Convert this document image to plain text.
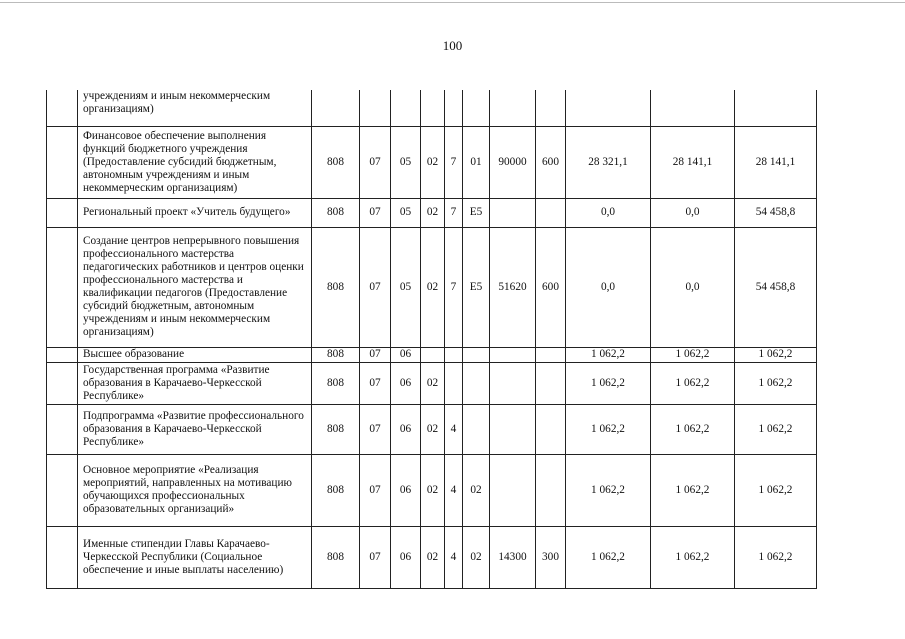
100
	учреждениям и иным некоммерческим организациям)											
	Финансовое обеспечение выполнения функций бюджетного учреждения (Предоставление субсидий бюджетным, автономным учреждениям и иным некоммерческим организациям)	808	07	05	02	7	01	90000	600	28 321,1	28 141,1	28 141,1
	Региональный проект «Учитель будущего»	808	07	05	02	7	Е5			0,0	0,0	54 458,8
	Создание центров непрерывного повышения профессионального мастерства педагогических работников и центров оценки профессионального мастерства и квалификации педагогов (Предоставление субсидий бюджетным, автономным учреждениям и иным некоммерческим организациям)	808	07	05	02	7	Е5	51620	600	0,0	0,0	54 458,8
	Высшее образование	808	07	06						1 062,2	1 062,2	1 062,2
	Государственная программа «Развитие образования в Карачаево-Черкесской Республике»	808	07	06	02					1 062,2	1 062,2	1 062,2
	Подпрограмма «Развитие профессионального образования в Карачаево-Черкесской Республике»	808	07	06	02	4				1 062,2	1 062,2	1 062,2
	Основное мероприятие «Реализация мероприятий, направленных на мотивацию обучающихся профессиональных образовательных организаций»	808	07	06	02	4	02			1 062,2	1 062,2	1 062,2
	Именные стипендии Главы Карачаево-Черкесской Республики (Социальное обеспечение и иные выплаты населению)	808	07	06	02	4	02	14300	300	1 062,2	1 062,2	1 062,2
